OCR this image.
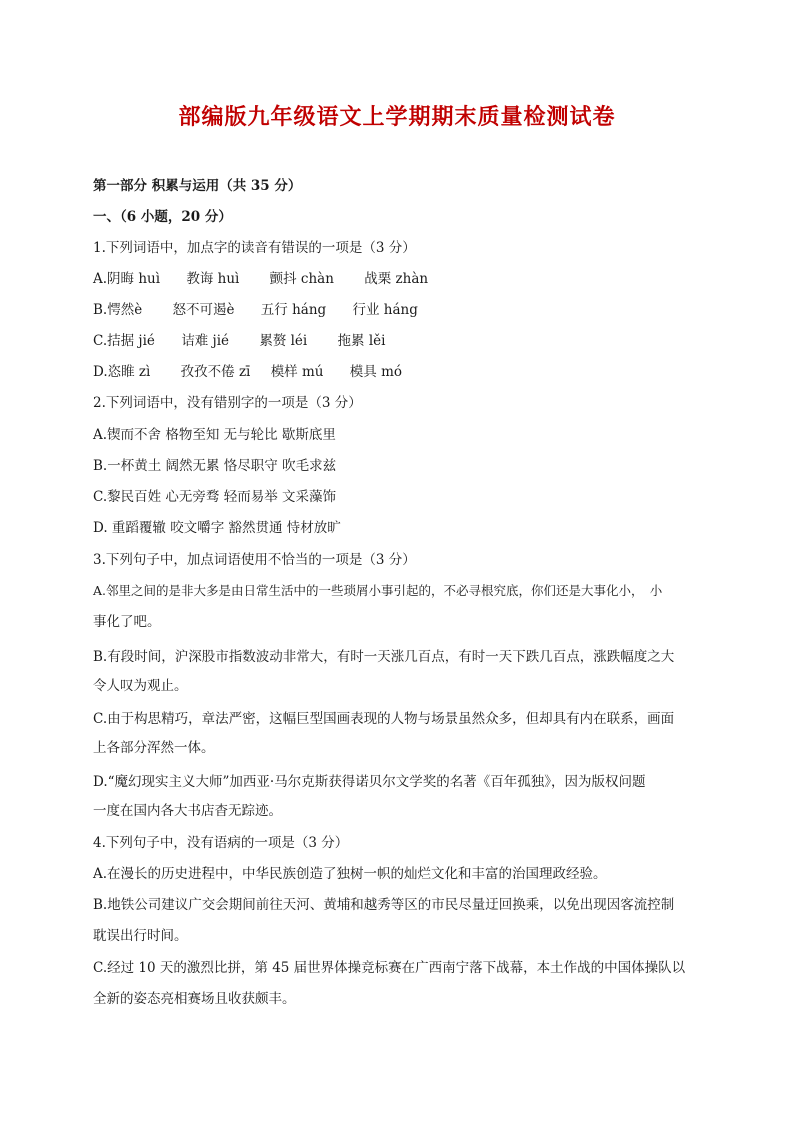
部编版九年级语文上学期期末质量检测试卷
第一部分 积累与运用（共 35 分）
一、（6 小题，20 分）
1.下列词语中，加点字的读音有错误的一项是（3 分）
A.阴晦 huì 教诲 huì 颤抖 chàn 战栗 zhàn
B.愕然è 怒不可遏è 五行 háng 行业 háng
C.拮据 jié 诘难 jié 累赘 léi 拖累 lěi
D.恣睢 zì 孜孜不倦 zī 模样 mú 模具 mó
2.下列词语中，没有错别字的一项是（3 分）
A.锲而不舍 格物至知 无与轮比 歇斯底里
B.一杯黄土 阔然无累 恪尽职守 吹毛求兹
C.黎民百姓 心无旁骛 轻而易举 文采藻饰
D. 重蹈覆辙 咬文嚼字 豁然贯通 恃材放旷
3.下列句子中，加点词语使用不恰当的一项是（3 分）
A.邻里之间的是非大多是由日常生活中的一些琐屑小事引起的，不必寻根究底，你们还是大事化小，　小
事化了吧。
B.有段时间，沪深股市指数波动非常大，有时一天涨几百点，有时一天下跌几百点，涨跌幅度之大
令人叹为观止。
C.由于构思精巧，章法严密，这幅巨型国画表现的人物与场景虽然众多，但却具有内在联系，画面
上各部分浑然一体。
D.“魔幻现实主义大师”加西亚·马尔克斯获得诺贝尔文学奖的名著《百年孤独》，因为版权问题
一度在国内各大书店杳无踪迹。
4.下列句子中，没有语病的一项是（3 分）
A.在漫长的历史进程中，中华民族创造了独树一帜的灿烂文化和丰富的治国理政经验。
B.地铁公司建议广交会期间前往天河、黄埔和越秀等区的市民尽量迂回换乘，以免出现因客流控制
耽误出行时间。
C.经过 10 天的激烈比拼，第 45 届世界体操竞标赛在广西南宁落下战幕，本土作战的中国体操队以
全新的姿态亮相赛场且收获颇丰。
